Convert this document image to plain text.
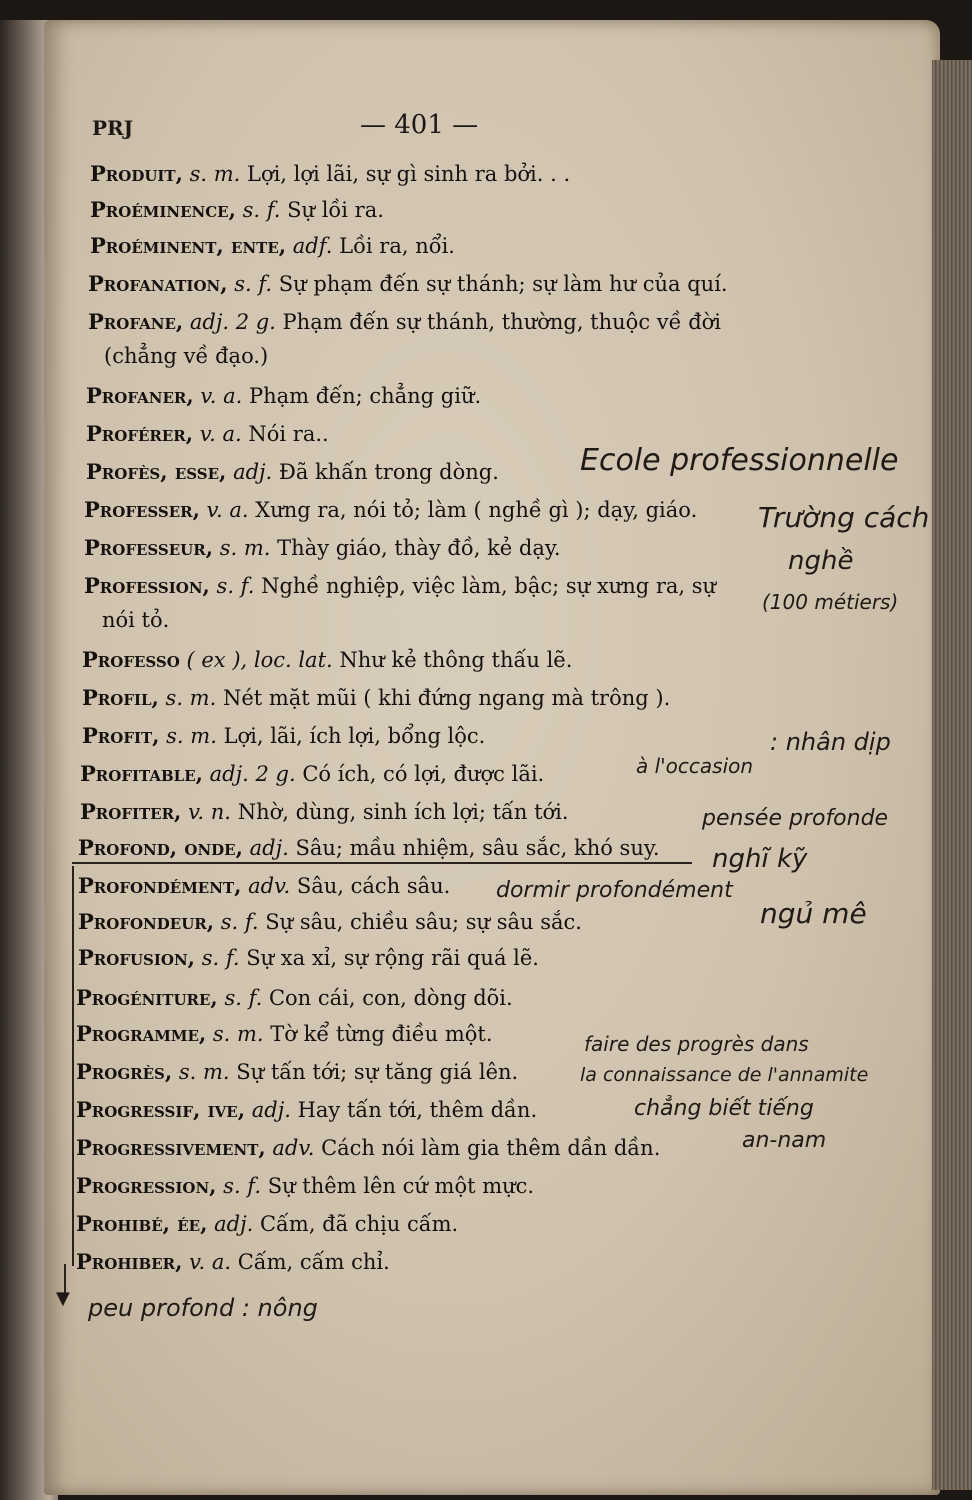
PRJ	— 401 —
Produit, s. m. Lợi, lợi lãi, sự gì sinh ra bởi. . .
Proéminence, s. f. Sự lồi ra.
Proéminent, ente, adf. Lồi ra, nổi.
Profanation, s. f. Sự phạm đến sự thánh; sự làm hư của quí.
Profane, adj. 2 g. Phạm đến sự thánh, thường, thuộc về đời
(chẳng về đạo.)
Profaner, v. a. Phạm đến; chẳng giữ.
Proférer, v. a. Nói ra..
Profès, esse, adj. Đã khấn trong dòng.
Professer, v. a. Xưng ra, nói tỏ; làm ( nghề gì ); dạy, giáo.
Professeur, s. m. Thày giáo, thày đồ, kẻ dạy.
Profession, s. f. Nghề nghiệp, việc làm, bậc; sự xưng ra, sự
nói tỏ.
Professo ( ex ), loc. lat. Như kẻ thông thấu lẽ.
Profil, s. m. Nét mặt mũi ( khi đứng ngang mà trông ).
Profit, s. m. Lợi, lãi, ích lợi, bổng lộc.
Profitable, adj. 2 g. Có ích, có lợi, được lãi.
Profiter, v. n. Nhờ, dùng, sinh ích lợi; tấn tới.
Profond, onde, adj. Sâu; mầu nhiệm, sâu sắc, khó suy.
Profondément, adv. Sâu, cách sâu.
Profondeur, s. f. Sự sâu, chiều sâu; sự sâu sắc.
Profusion, s. f. Sự xa xỉ, sự rộng rãi quá lẽ.
Progéniture, s. f. Con cái, con, dòng dõi.
Programme, s. m. Tờ kể từng điều một.
Progrès, s. m. Sự tấn tới; sự tăng giá lên.
Progressif, ive, adj. Hay tấn tới, thêm dần.
Progressivement, adv. Cách nói làm gia thêm dần dần.
Progression, s. f. Sự thêm lên cứ một mực.
Prohibé, ée, adj. Cấm, đã chịu cấm.
Prohiber, v. a. Cấm, cấm chỉ.
▼
Ecole professionnelle
Trường cách
nghề
(100 métiers)
: nhân dịp
à l'occasion
pensée profonde
nghĩ kỹ
dormir profondément
ngủ mê
faire des progrès dans
la connaissance de l'annamite
chẳng biết tiếng
an-nam
peu profond : nông
